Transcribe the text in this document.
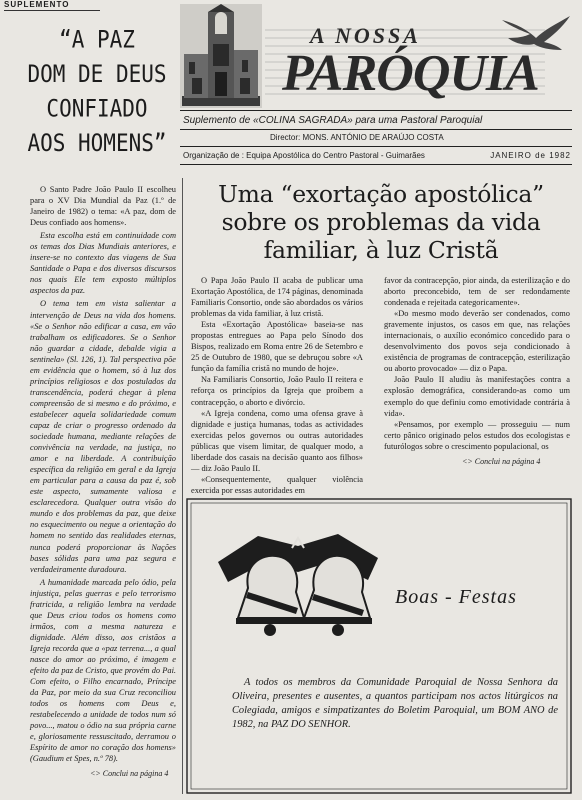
SUPLEMENTO
“A PAZ
DOM DE DEUS
CONFIADO
AOS HOMENS”
A NOSSA
PARÓQUIA
Suplemento de «COLINA SAGRADA» para uma Pastoral Paroquial
Director: MONS. ANTÓNIO DE ARAÚJO COSTA
Organização de : Equipa Apostólica do Centro Pastoral - Guimarães	JANEIRO de 1982

O Santo Padre João Paulo II escolheu para o XV Dia Mundial da Paz (1.º de Janeiro de 1982) o tema: «A paz, dom de Deus confiado aos homens».

Esta escolha está em continuidade com os temas dos Dias Mundiais anteriores, e insere-se no contexto das viagens de Sua Santidade o Papa e dos diversos discursos nos quais Ele tem exposto múltiplos aspectos da paz.

O tema tem em vista salientar a intervenção de Deus na vida dos homens. «Se o Senhor não edificar a casa, em vão trabalham os edificadores. Se o Senhor não guardar a cidade, debalde vigia a sentinela» (Sl. 126, 1). Tal perspectiva põe em evidência que o homem, só à luz dos princípios religiosos e dos postulados da transcendência, poderá chegar à plena compreensão de si mesmo e do próximo, e estabelecer aquela solidariedade comum capaz de criar o progresso ordenado da sociedade humana, mediante relações de convivência na verdade, na justiça, no amor e na liberdade. A contribuição específica da religião em geral e da Igreja em particular para a causa da paz é, sob este aspecto, sumamente valiosa e esclarecedora. Qualquer outra visão do mundo e dos problemas da paz, que deixe no esquecimento ou negue a orientação do homem no sentido das realidades eternas, nunca poderá proporcionar às Nações bases sólidas para uma paz segura e verdadeiramente duradoura.

A humanidade marcada pelo ódio, pela injustiça, pelas guerras e pelo terrorismo fratricida, a religião lembra na verdade que Deus criou todos os homens como irmãos, com a mesma natureza e dignidade. Além disso, aos cristãos a Igreja recorda que a «paz terrena..., a qual nasce do amor ao próximo, é imagem e efeito da paz de Cristo, que provém do Pai. Com efeito, o Filho encarnado, Príncipe da Paz, por meio da sua Cruz reconciliou todos os homens com Deus e, restabelecendo a unidade de todos num só povo..., matou o ódio na sua própria carne e, gloriosamente ressuscitado, derramou o Espírito de amor no coração dos homens» (Gaudium et Spes, n.º 78).

<> Conclui na página 4
Uma “exortação apostólica”
sobre os problemas da vida
familiar, à luz Cristã

O Papa João Paulo II acaba de publicar uma Exortação Apostólica, de 174 páginas, denominada Familiaris Consortio, onde são abordados os vários problemas da vida familiar, à luz cristã.

Esta «Exortação Apostólica» baseia-se nas propostas entregues ao Papa pelo Sínodo dos Bispos, realizado em Roma entre 26 de Setembro e 25 de Outubro de 1980, que se debruçou sobre «A função da família cristã no mundo de hoje».

Na Familiaris Consortio, João Paulo II reitera e reforça os princípios da Igreja que proíbem a contracepção, o aborto e divórcio.

«A Igreja condena, como uma ofensa grave à dignidade e justiça humanas, todas as actividades exercidas pelos governos ou outras autoridades públicas que visem limitar, de qualquer modo, a liberdade dos casais na decisão quanto aos filhos» — diz João Paulo II.

«Consequentemente, qualquer violência exercida por essas autoridades em

favor da contracepção, pior ainda, da esterilização e do aborto preconcebido, tem de ser redondamente condenada e rejeitada categoricamente».

«Do mesmo modo deverão ser condenados, como gravemente injustos, os casos em que, nas relações internacionais, o auxílio económico concedido para o desenvolvimento dos povos seja condicionado à existência de programas de contracepção, esterilização ou aborto provocado» — diz o Papa.

João Paulo II aludiu às manifestações contra a explosão demográfica, considerando-as como um exemplo do que definiu como emotividade contrária à vida».

«Pensamos, por exemplo — prosseguiu — num certo pânico originado pelos estudos dos ecologistas e futurólogos sobre o crescimento populacional, os

<> Conclui na página 4
Boas - Festas
A todos os membros da Comunidade Paroquial de Nossa Senhora da Oliveira, presentes e ausentes, a quantos participam nos actos litúrgicos na Colegiada, amigos e simpatizantes do Boletim Paroquial, um BOM ANO de 1982, na PAZ DO SENHOR.
